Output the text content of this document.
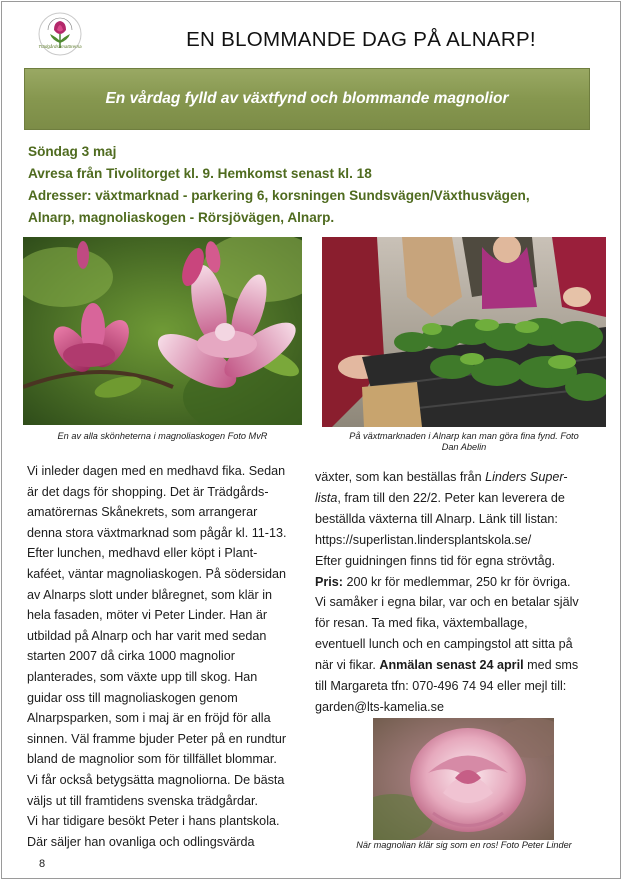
Trädgårdsamatörerna	EN BLOMMANDE DAG PÅ ALNARP!
En vårdag fylld av växtfynd och blommande magnolior
Söndag 3 maj
Avresa från Tivolitorget kl. 9. Hemkomst senast kl. 18
Adresser: växtmarknad - parkering 6, korsningen Sundsvägen/Växthusvägen,
Alnarp, magnoliaskogen - Rörsjövägen, Alnarp.
En av alla skönheterna i magnoliaskogen Foto MvR	På växtmarknaden i Alnarp kan man göra fina fynd. Foto
Dan Abelin
Vi inleder dagen med en medhavd fika. Sedan
är det dags för shopping. Det är Trädgårds-
amatörernas Skånekrets, som arrangerar
denna stora växtmarknad som pågår kl. 11-13.
Efter lunchen, medhavd eller köpt i Plant-
kaféet, väntar magnoliaskogen. På södersidan
av Alnarps slott under blåregnet, som klär in
hela fasaden, möter vi Peter Linder. Han är
utbildad på Alnarp och har varit med sedan
starten 2007 då cirka 1000 magnolior
planterades, som växte upp till skog. Han
guidar oss till magnoliaskogen genom
Alnarpsparken, som i maj är en fröjd för alla
sinnen. Väl framme bjuder Peter på en rundtur
bland de magnolior som för tillfället blommar.
Vi får också betygsätta magnoliorna. De bästa
väljs ut till framtidens svenska trädgårdar.
Vi har tidigare besökt Peter i hans plantskola.
Där säljer han ovanliga och odlingsvärda
växter, som kan beställas från Linders Super-
lista, fram till den 22/2. Peter kan leverera de
beställda växterna till Alnarp. Länk till listan:
https://superlistan.lindersplantskola.se/
Efter guidningen finns tid för egna strövtåg.
Pris: 200 kr för medlemmar, 250 kr för övriga.
Vi samåker i egna bilar, var och en betalar själv
för resan. Ta med fika, växtemballage,
eventuell lunch och en campingstol att sitta på
när vi fikar. Anmälan senast 24 april med sms
till Margareta tfn: 070-496 74 94 eller mejl till:
garden@lts-kamelia.se
När magnolian klär sig som en ros! Foto Peter Linder
8
